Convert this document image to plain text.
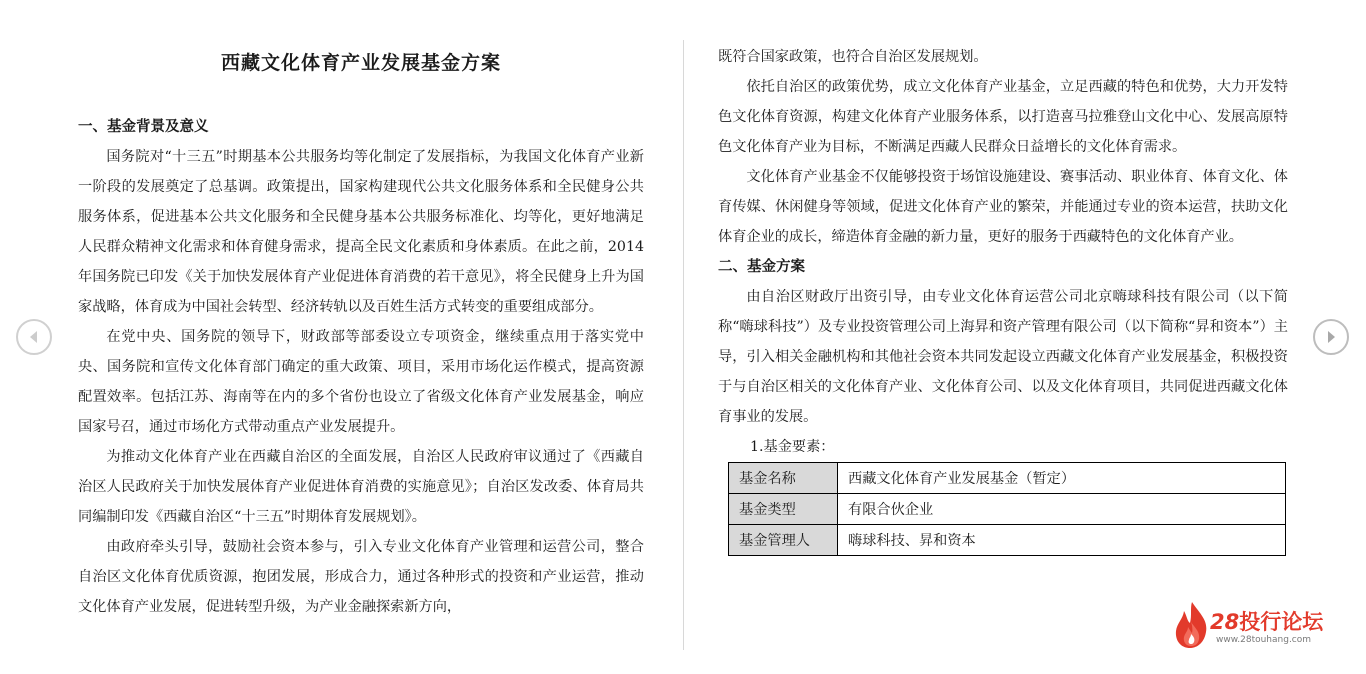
西藏文化体育产业发展基金方案

一、基金背景及意义

国务院对“十三五”时期基本公共服务均等化制定了发展指标，为我国文化体育产业新一阶段的发展奠定了总基调。政策提出，国家构建现代公共文化服务体系和全民健身公共服务体系，促进基本公共文化服务和全民健身基本公共服务标准化、均等化，更好地满足人民群众精神文化需求和体育健身需求，提高全民文化素质和身体素质。在此之前，2014 年国务院已印发《关于加快发展体育产业促进体育消费的若干意见》，将全民健身上升为国家战略，体育成为中国社会转型、经济转轨以及百姓生活方式转变的重要组成部分。

在党中央、国务院的领导下，财政部等部委设立专项资金，继续重点用于落实党中央、国务院和宣传文化体育部门确定的重大政策、项目，采用市场化运作模式，提高资源配置效率。包括江苏、海南等在内的多个省份也设立了省级文化体育产业发展基金，响应国家号召，通过市场化方式带动重点产业发展提升。

为推动文化体育产业在西藏自治区的全面发展，自治区人民政府审议通过了《西藏自治区人民政府关于加快发展体育产业促进体育消费的实施意见》；自治区发改委、体育局共同编制印发《西藏自治区“十三五”时期体育发展规划》。

由政府牵头引导，鼓励社会资本参与，引入专业文化体育产业管理和运营公司，整合自治区文化体育优质资源，抱团发展，形成合力，通过各种形式的投资和产业运营，推动文化体育产业发展，促进转型升级，为产业金融探索新方向，

既符合国家政策，也符合自治区发展规划。

依托自治区的政策优势，成立文化体育产业基金，立足西藏的特色和优势，大力开发特色文化体育资源，构建文化体育产业服务体系，以打造喜马拉雅登山文化中心、发展高原特色文化体育产业为目标，不断满足西藏人民群众日益增长的文化体育需求。

文化体育产业基金不仅能够投资于场馆设施建设、赛事活动、职业体育、体育文化、体育传媒、休闲健身等领域，促进文化体育产业的繁荣，并能通过专业的资本运营，扶助文化体育企业的成长，缔造体育金融的新力量，更好的服务于西藏特色的文化体育产业。

二、基金方案

由自治区财政厅出资引导，由专业文化体育运营公司北京嗨球科技有限公司（以下简称“嗨球科技”）及专业投资管理公司上海昇和资产管理有限公司（以下简称“昇和资本”）主导，引入相关金融机构和其他社会资本共同发起设立西藏文化体育产业发展基金，积极投资于与自治区相关的文化体育产业、文化体育公司、以及文化体育项目，共同促进西藏文化体育事业的发展。

1.基金要素：

基金名称	西藏文化体育产业发展基金（暂定）
基金类型	有限合伙企业
基金管理人	嗨球科技、昇和资本
28投行论坛
www.28touhang.com
